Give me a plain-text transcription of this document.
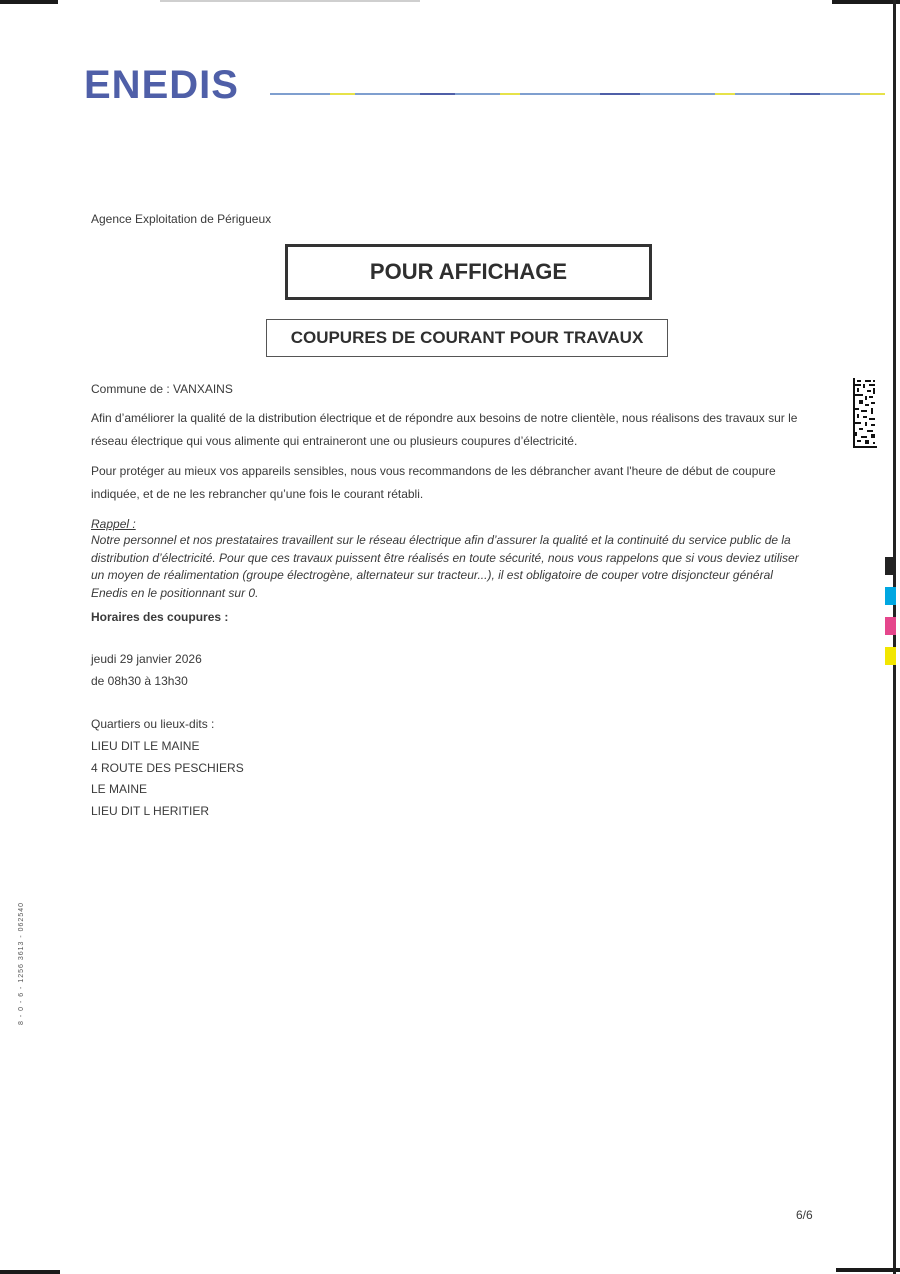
ENEDIS
Agence Exploitation de Périgueux
POUR AFFICHAGE
COUPURES DE COURANT POUR TRAVAUX
Commune de : VANXAINS
Afin d’améliorer la qualité de la distribution électrique et de répondre aux besoins de notre clientèle, nous réalisons des travaux sur le réseau électrique qui vous alimente qui entraineront une ou plusieurs coupures d’électricité.
Pour protéger au mieux vos appareils sensibles, nous vous recommandons de les débrancher avant l'heure de début de coupure indiquée, et de ne les rebrancher qu’une fois le courant rétabli.
Rappel :
Notre personnel et nos prestataires travaillent sur le réseau électrique afin d’assurer la qualité et la continuité du service public de la distribution d’électricité. Pour que ces travaux puissent être réalisés en toute sécurité, nous vous rappelons que si vous deviez utiliser un moyen de réalimentation (groupe électrogène, alternateur sur tracteur...), il est obligatoire de couper votre disjoncteur général Enedis en le positionnant sur 0.
Horaires des coupures :
jeudi 29 janvier 2026
de 08h30 à 13h30
Quartiers ou lieux-dits :
LIEU DIT LE MAINE
4 ROUTE DES PESCHIERS
LE MAINE
LIEU DIT L HERITIER
8 - 0 - 6 - 1256 3613 - 062540
6/6
